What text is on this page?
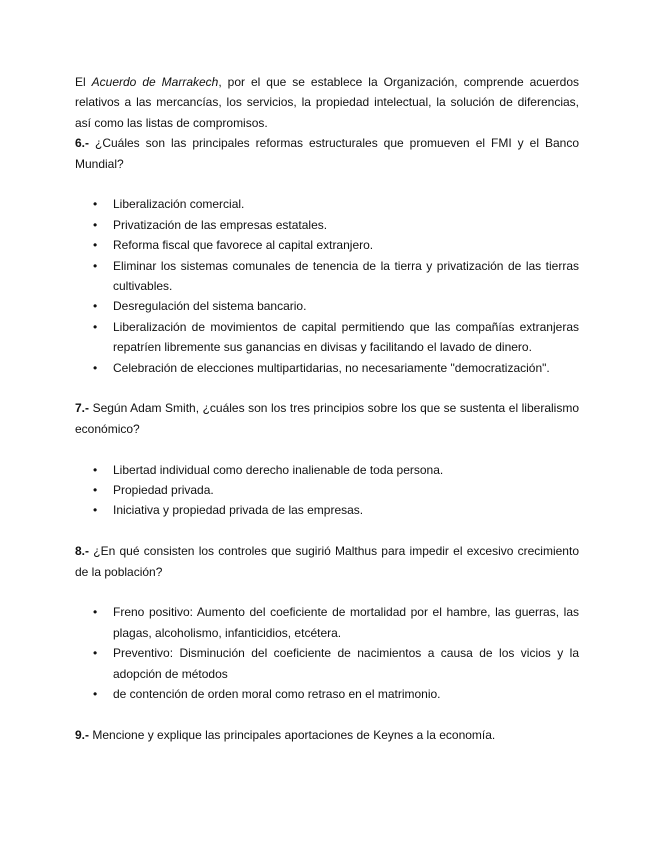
El Acuerdo de Marrakech, por el que se establece la Organización, comprende acuerdos relativos a las mercancías, los servicios, la propiedad intelectual, la solución de diferencias, así como las listas de compromisos.

6.- ¿Cuáles son las principales reformas estructurales que promueven el FMI y el Banco Mundial?

• Liberalización comercial.
• Privatización de las empresas estatales.
• Reforma fiscal que favorece al capital extranjero.
• Eliminar los sistemas comunales de tenencia de la tierra y privatización de las tierras cultivables.
• Desregulación del sistema bancario.
• Liberalización de movimientos de capital permitiendo que las compañías extranjeras repatríen libremente sus ganancias en divisas y facilitando el lavado de dinero.
• Celebración de elecciones multipartidarias, no necesariamente "democratización".

7.- Según Adam Smith, ¿cuáles son los tres principios sobre los que se sustenta el liberalismo económico?

• Libertad individual como derecho inalienable de toda persona.
• Propiedad privada.
• Iniciativa y propiedad privada de las empresas.

8.- ¿En qué consisten los controles que sugirió Malthus para impedir el excesivo crecimiento de la población?

• Freno positivo: Aumento del coeficiente de mortalidad por el hambre, las guerras, las plagas, alcoholismo, infanticidios, etcétera.
• Preventivo: Disminución del coeficiente de nacimientos a causa de los vicios y la adopción de métodos
• de contención de orden moral como retraso en el matrimonio.

9.- Mencione y explique las principales aportaciones de Keynes a la economía.
